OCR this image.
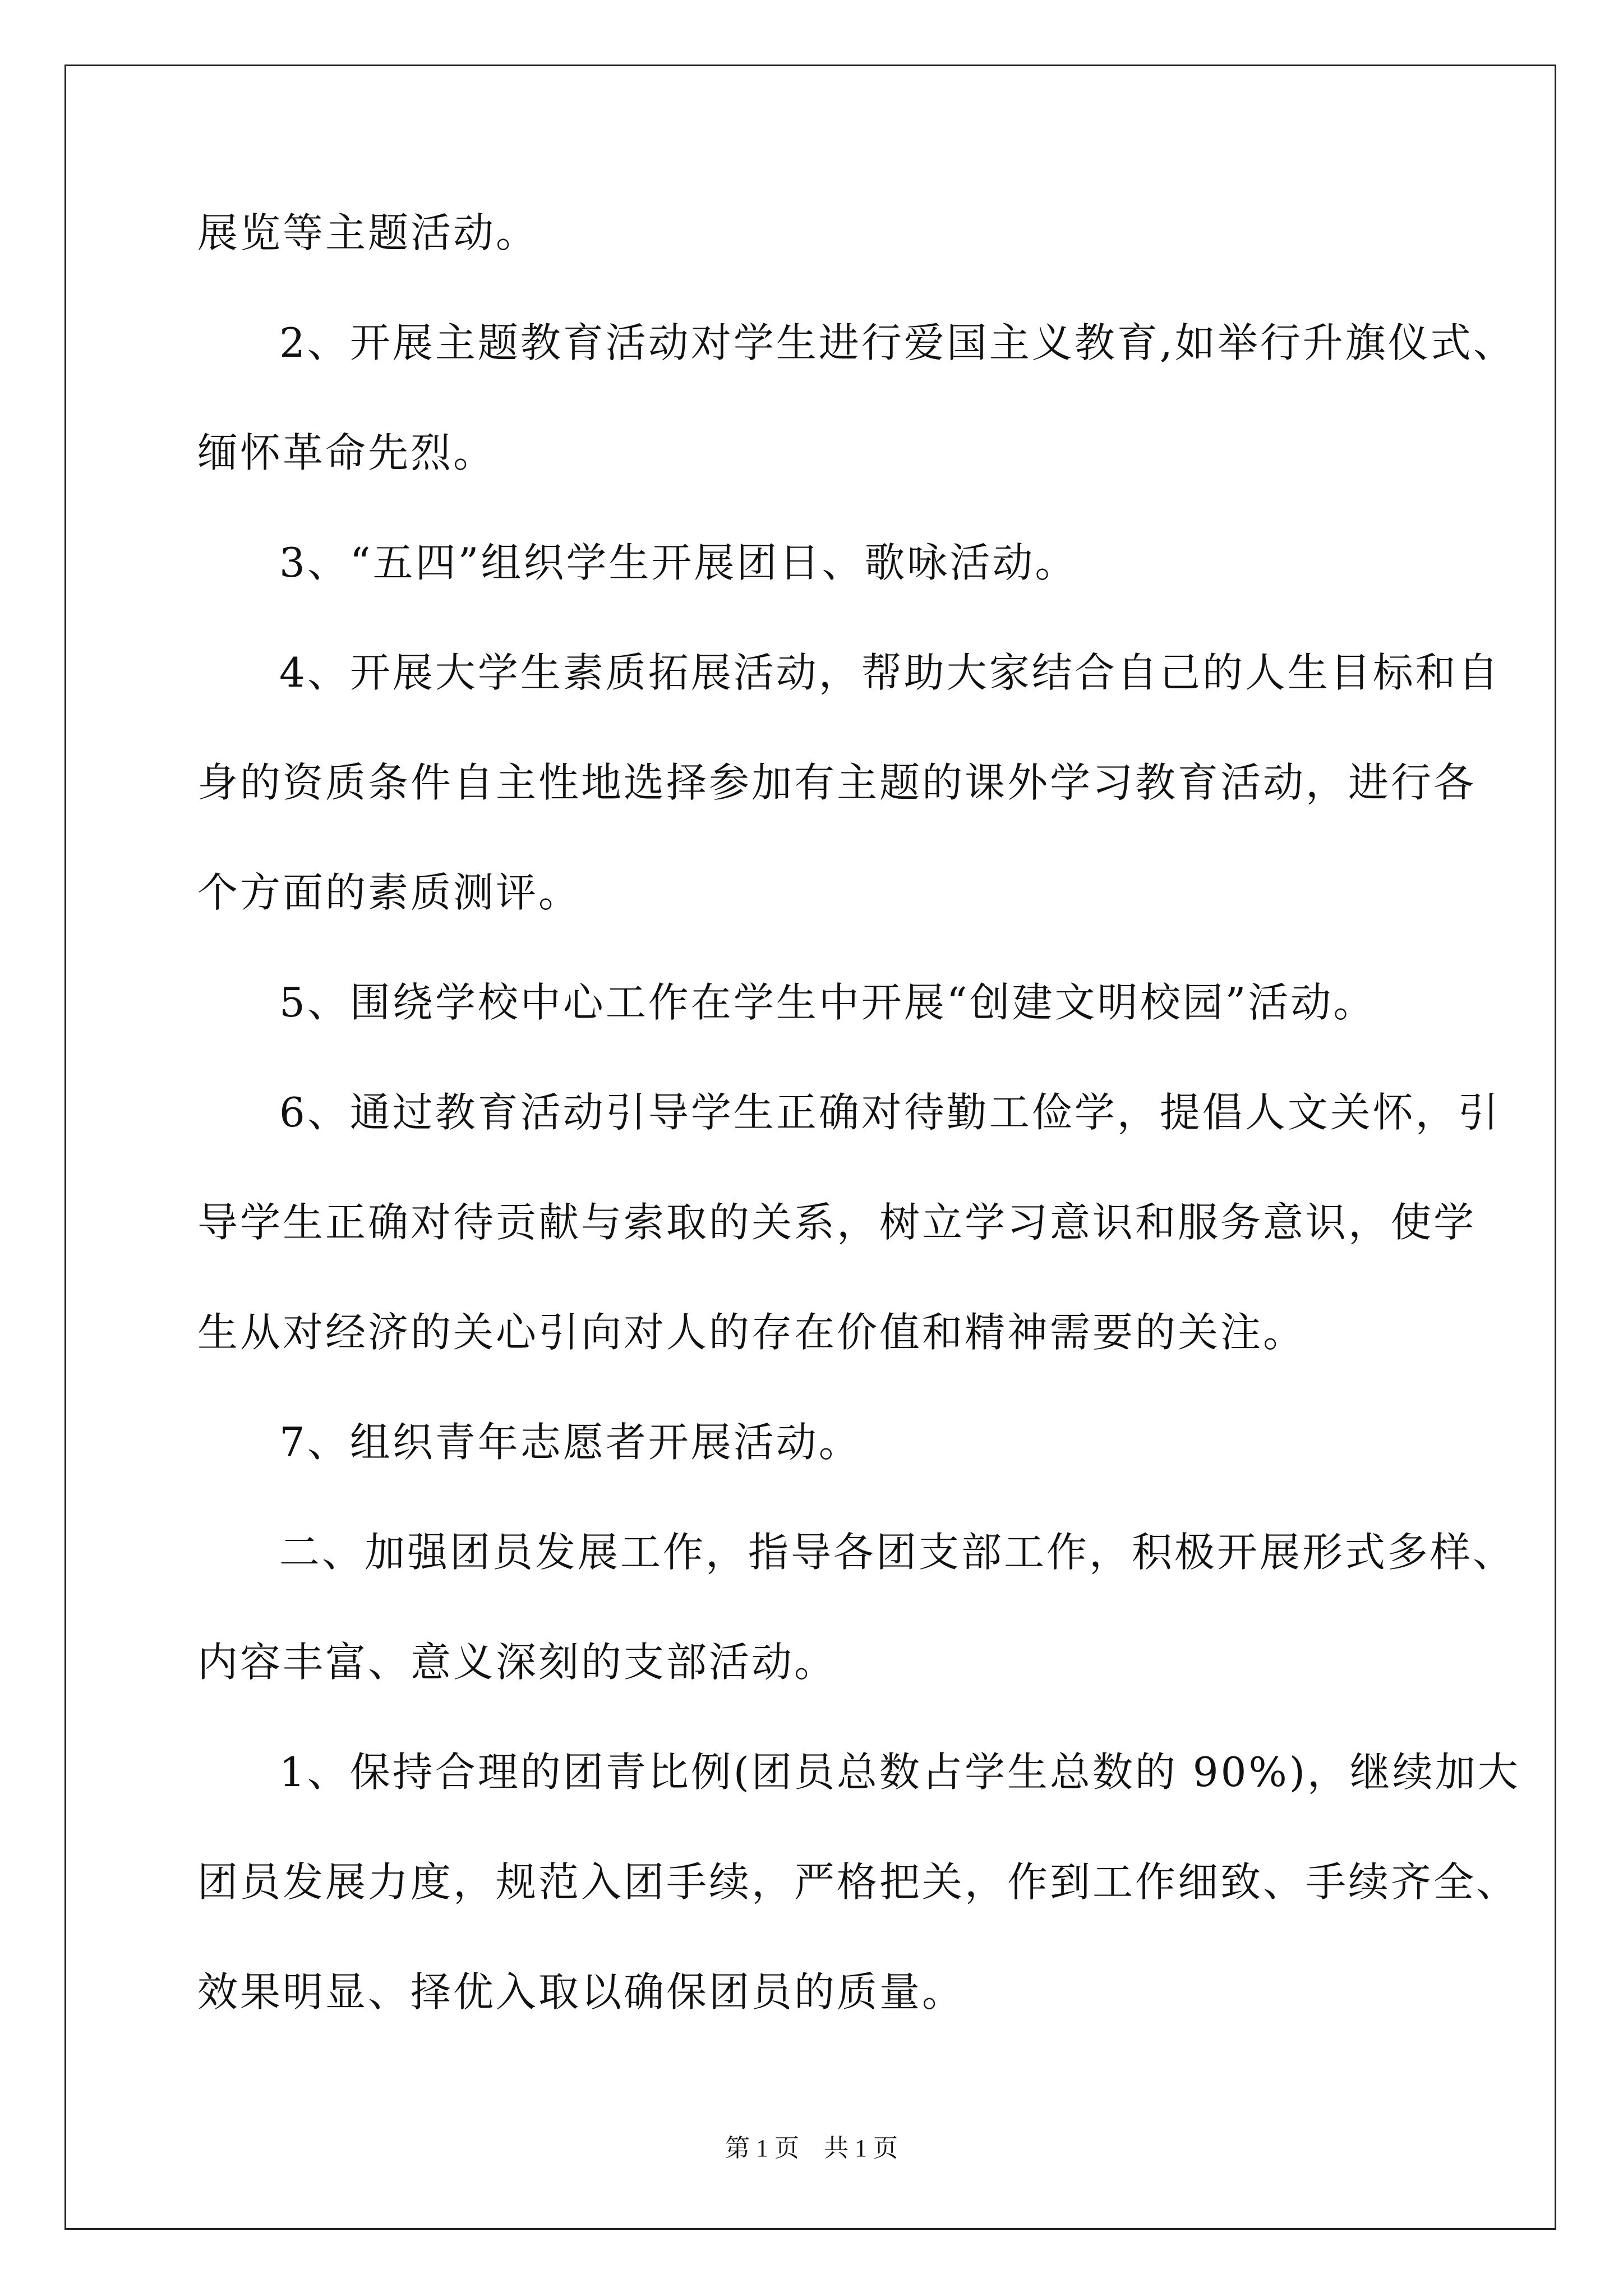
展览等主题活动。
2、开展主题教育活动对学生进行爱国主义教育,如举行升旗仪式、
缅怀革命先烈。
3、“五四”组织学生开展团日、歌咏活动。
4、开展大学生素质拓展活动，帮助大家结合自己的人生目标和自
身的资质条件自主性地选择参加有主题的课外学习教育活动，进行各
个方面的素质测评。
5、围绕学校中心工作在学生中开展“创建文明校园”活动。
6、通过教育活动引导学生正确对待勤工俭学，提倡人文关怀，引
导学生正确对待贡献与索取的关系，树立学习意识和服务意识，使学
生从对经济的关心引向对人的存在价值和精神需要的关注。
7、组织青年志愿者开展活动。
二、加强团员发展工作，指导各团支部工作，积极开展形式多样、
内容丰富、意义深刻的支部活动。
1、保持合理的团青比例(团员总数占学生总数的 90%)，继续加大
团员发展力度，规范入团手续，严格把关，作到工作细致、手续齐全、
效果明显、择优入取以确保团员的质量。
第 1 页　共 1 页
